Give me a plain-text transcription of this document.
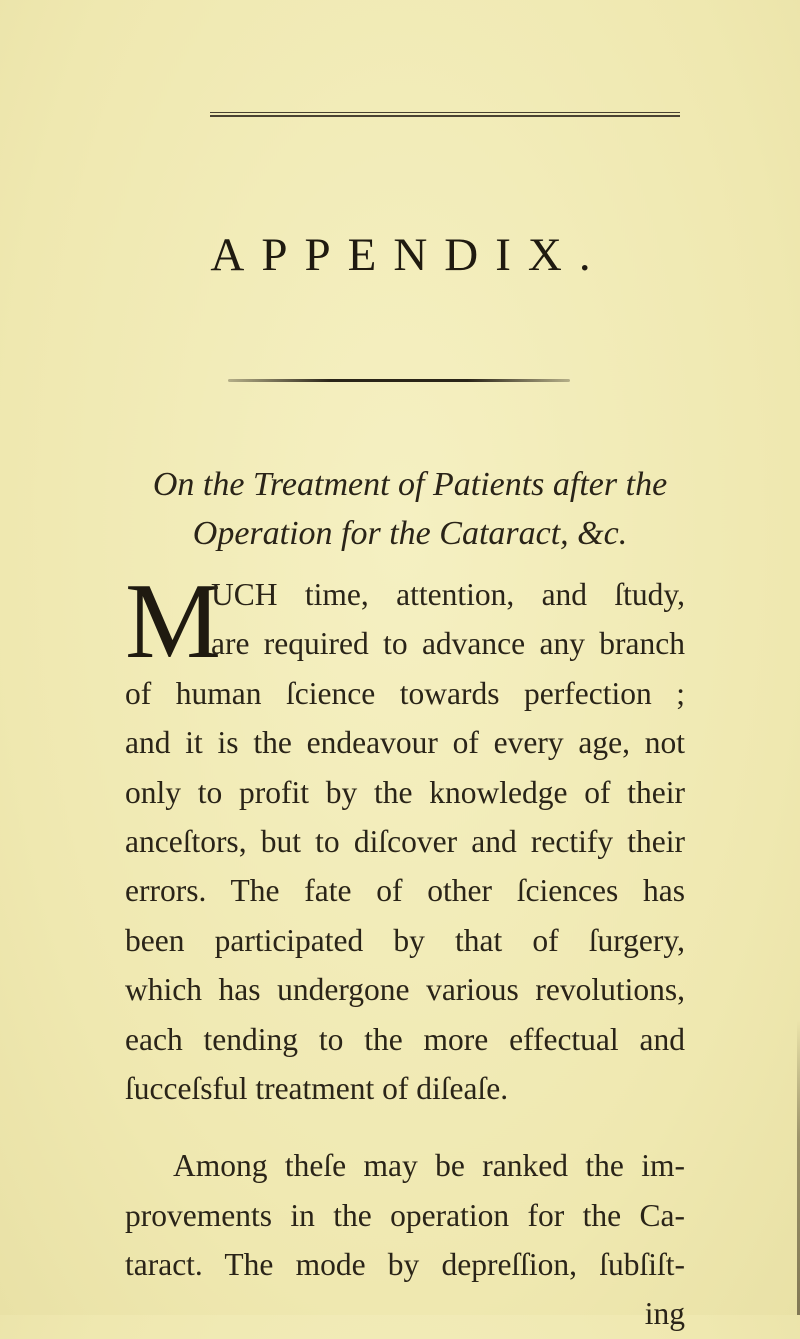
APPENDIX.
On the Treatment of Patients after the
Operation for the Cataract, &c.
M
UCH time, attention, and ſtudy,
are required to advance any branch
of human ſcience towards perfection ;
and it is the endeavour of every age, not
only to profit by the knowledge of their
anceſtors, but to diſcover and rectify their
errors. The fate of other ſciences has
been participated by that of ſurgery,
which has undergone various revolutions,
each tending to the more effectual and
ſucceſsful treatment of diſeaſe.
Among theſe may be ranked the im-
provements in the operation for the Ca-
taract. The mode by depreſſion, ſubſiſt-
ing
